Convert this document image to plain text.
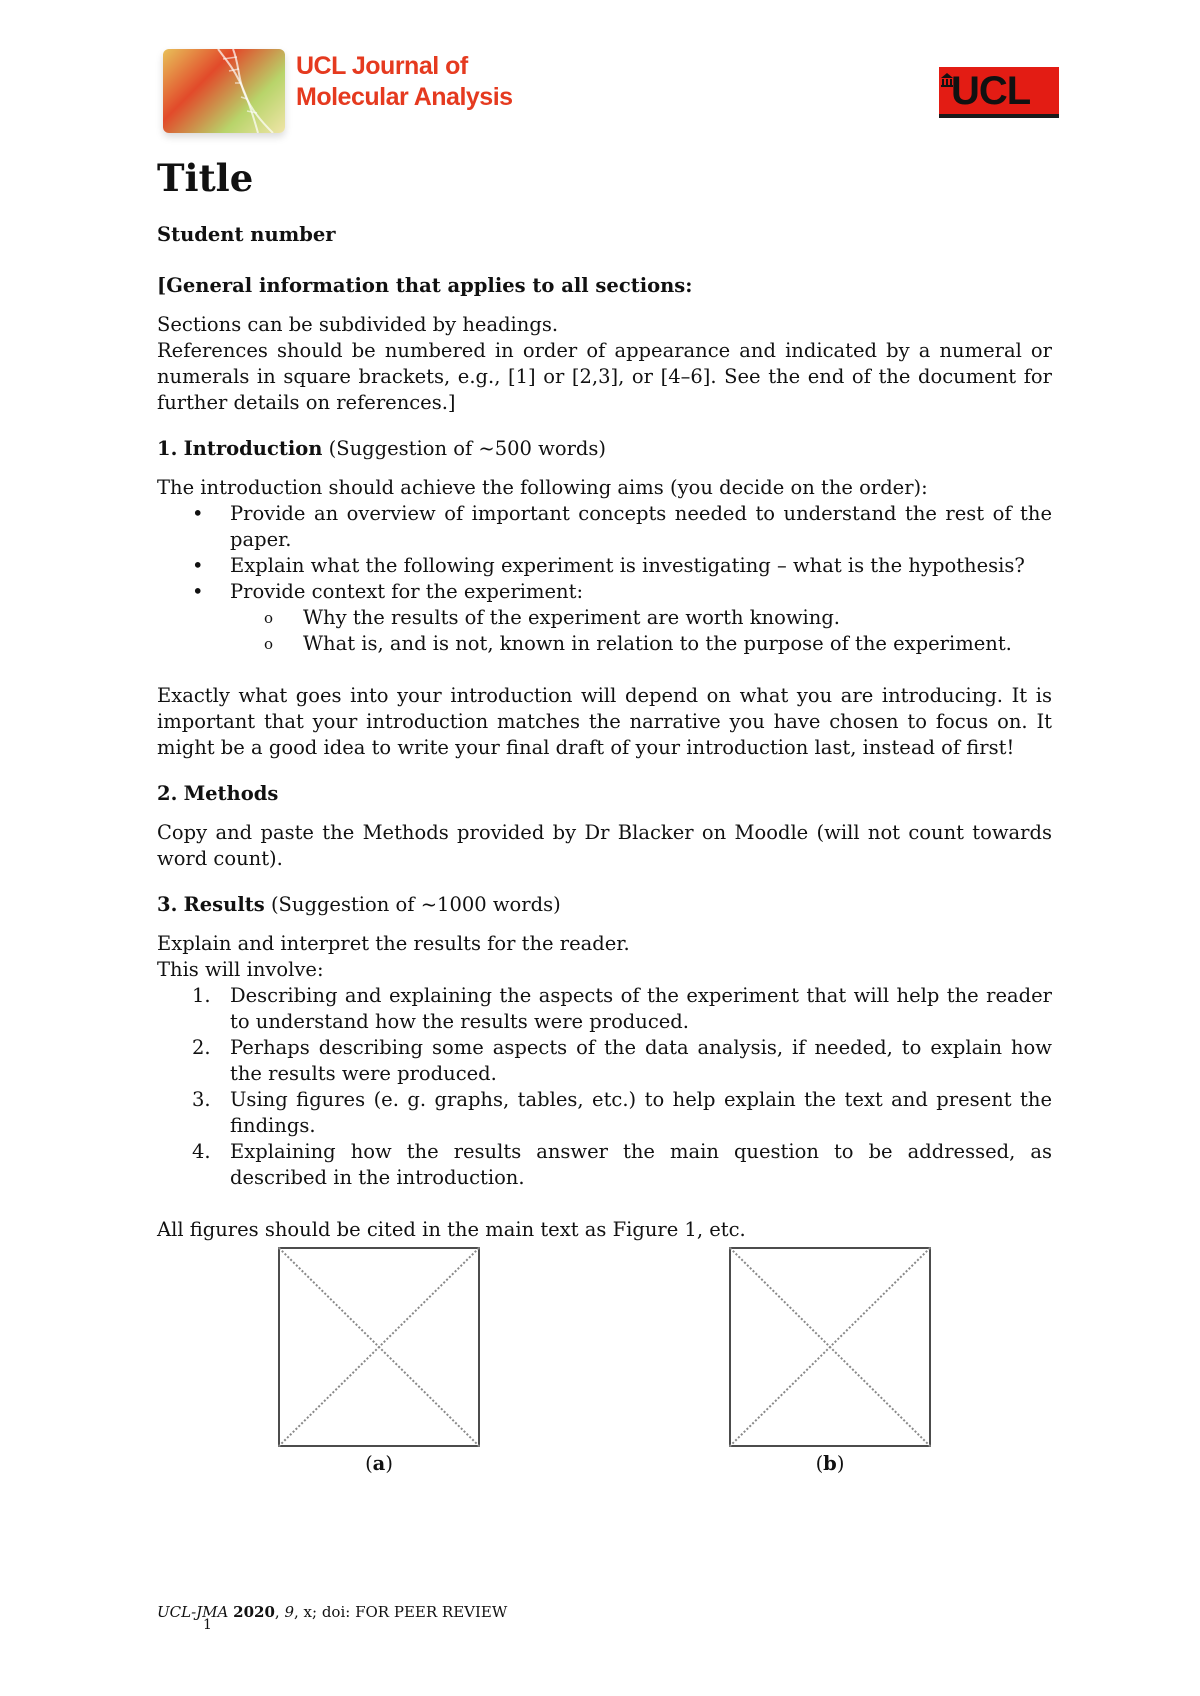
UCL Journal of
Molecular Analysis	UCL
Title

Student number

[General information that applies to all sections:

Sections can be subdivided by headings.

References should be numbered in order of appearance and indicated by a numeral or numerals in square brackets, e.g., [1] or [2,3], or [4–6]. See the end of the document for further details on references.]

1. Introduction (Suggestion of ~500 words)

The introduction should achieve the following aims (you decide on the order):

• Provide an overview of important concepts needed to understand the rest of the paper.
• Explain what the following experiment is investigating – what is the hypothesis?
• Provide context for the experiment:
o Why the results of the experiment are worth knowing.
o What is, and is not, known in relation to the purpose of the experiment.

Exactly what goes into your introduction will depend on what you are introducing. It is important that your introduction matches the narrative you have chosen to focus on. It might be a good idea to write your final draft of your introduction last, instead of first!

2. Methods

Copy and paste the Methods provided by Dr Blacker on Moodle (will not count towards word count).

3. Results (Suggestion of ~1000 words)

Explain and interpret the results for the reader.

This will involve:

1. Describing and explaining the aspects of the experiment that will help the reader to understand how the results were produced.
2. Perhaps describing some aspects of the data analysis, if needed, to explain how the results were produced.
3. Using figures (e. g. graphs, tables, etc.) to help explain the text and present the findings.
4. Explaining how the results answer the main question to be addressed, as described in the introduction.

All figures should be cited in the main text as Figure 1, etc.

(a)	(b)
UCL-JMA 2020, 9, x; doi: FOR PEER REVIEW
1
